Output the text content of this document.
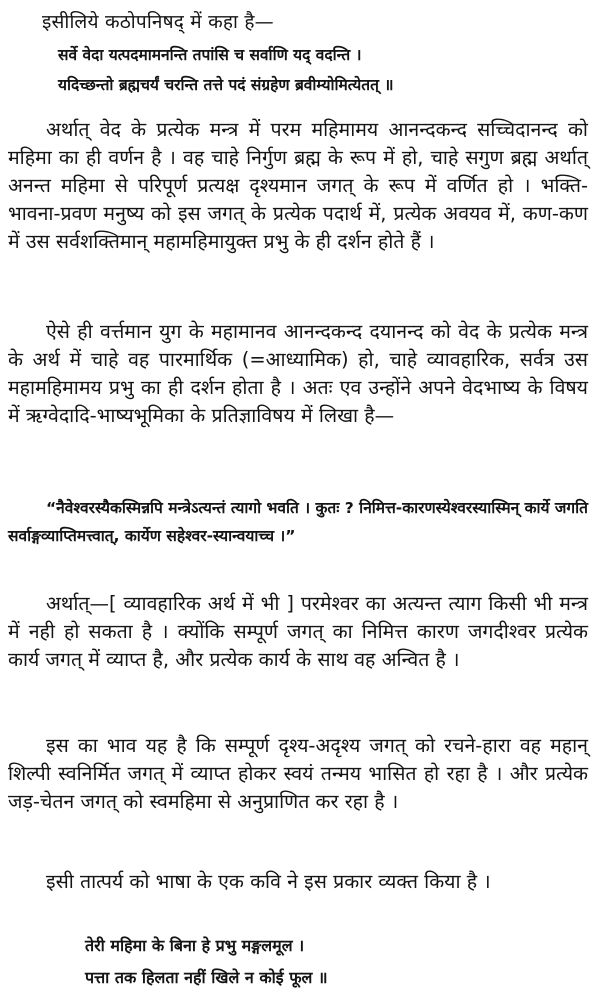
इसीलिये कठोपनिषद् में कहा है—

सर्वे वेदा यत्पदमामनन्ति तपांसि च सर्वाणि यद् वदन्ति ।
यदिच्छन्तो ब्रह्मचर्यं चरन्ति तत्ते पदं संग्रहेण ब्रवीम्योमित्येतत् ॥

अर्थात् वेद के प्रत्येक मन्त्र में परम महिमामय आनन्दकन्द सच्चिदानन्द को महिमा का ही वर्णन है । वह चाहे निर्गुण ब्रह्म के रूप में हो, चाहे सगुण ब्रह्म अर्थात् अनन्त महिमा से परिपूर्ण प्रत्यक्ष दृश्यमान जगत् के रूप में वर्णित हो । भक्ति-भावना-प्रवण मनुष्य को इस जगत् के प्रत्येक पदार्थ में, प्रत्येक अवयव में, कण-कण में उस सर्वशक्तिमान् महामहिमायुक्त प्रभु के ही दर्शन होते हैं ।

ऐसे ही वर्त्तमान युग के महामानव आनन्दकन्द दयानन्द को वेद के प्रत्येक मन्त्र के अर्थ में चाहे वह पारमार्थिक (=आध्यामिक) हो, चाहे व्यावहारिक, सर्वत्र उस महामहिमामय प्रभु का ही दर्शन होता है । अतः एव उन्होंने अपने वेदभाष्य के विषय में ऋग्वेदादि-भाष्यभूमिका के प्रतिज्ञाविषय में लिखा है—

“नैवेश्वरस्यैकस्मिन्नपि मन्त्रेऽत्यन्तं त्यागो भवति । कुतः ? निमित्त-कारणस्येश्वरस्यास्मिन् कार्ये जगति सर्वाङ्गव्याप्तिमत्त्वात्, कार्येण सहेश्वर-स्यान्वयाच्च ।”

अर्थात्—[ व्यावहारिक अर्थ में भी ] परमेश्वर का अत्यन्त त्याग किसी भी मन्त्र में नही हो सकता है । क्योंकि सम्पूर्ण जगत् का निमित्त कारण जगदीश्वर प्रत्येक कार्य जगत् में व्याप्त है, और प्रत्येक कार्य के साथ वह अन्वित है ।

इस का भाव यह है कि सम्पूर्ण दृश्य-अदृश्य जगत् को रचने-हारा वह महान् शिल्पी स्वनिर्मित जगत् में व्याप्त होकर स्वयं तन्मय भासित हो रहा है । और प्रत्येक जड़-चेतन जगत् को स्वमहिमा से अनुप्राणित कर रहा है ।

इसी तात्पर्य को भाषा के एक कवि ने इस प्रकार व्यक्त किया है ।

तेरी महिमा के बिना हे प्रभु मङ्गलमूल ।
पत्ता तक हिलता नहीं खिले न कोई फूल ॥
